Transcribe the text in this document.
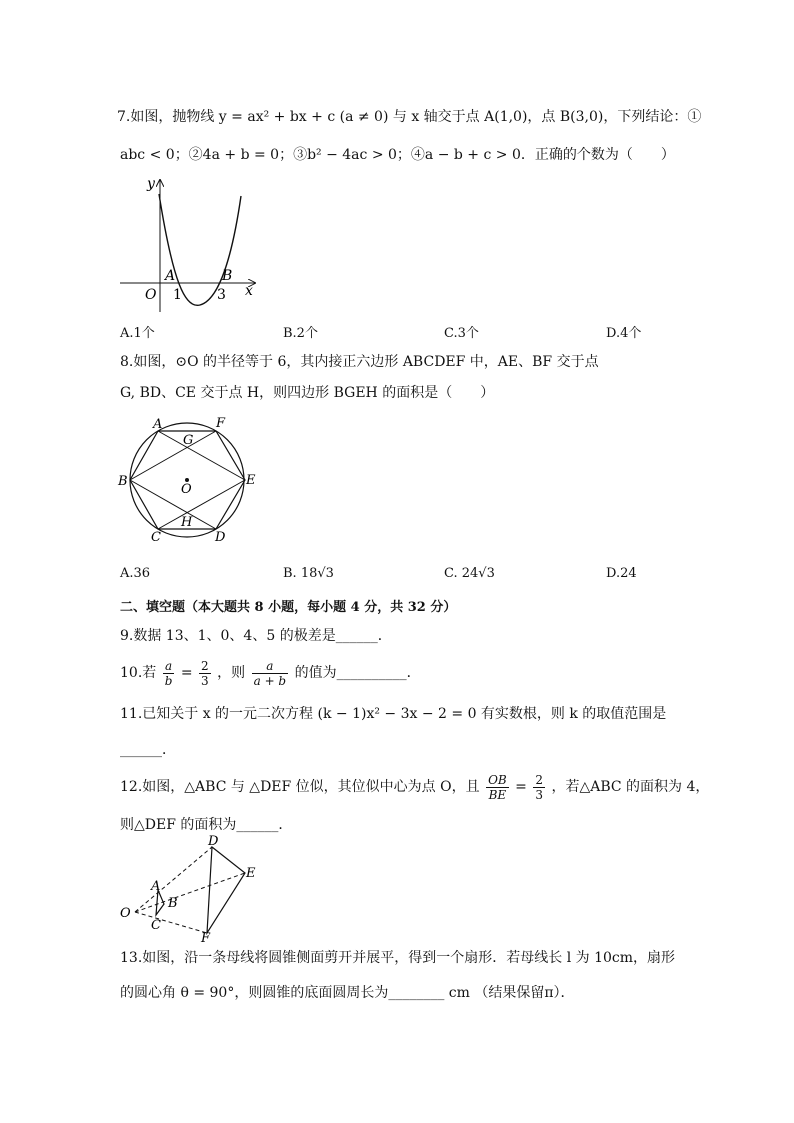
7.如图，抛物线 y = ax² + bx + c (a ≠ 0) 与 x 轴交于点 A(1,0)，点 B(3,0)，下列结论：①
abc < 0；②4a + b = 0；③b² − 4ac > 0；④a − b + c > 0．正确的个数为（　　）
y
x
O
A	B
1	3
A.1个	B.2个	C.3个	D.4个
8.如图，⊙O 的半径等于 6，其内接正六边形 ABCDEF 中，AE、BF 交于点
G, BD、CE 交于点 H，则四边形 BGEH 的面积是（　　）
A	F
G
B
O
E
H
C	D
A.36	B. 18√3	C. 24√3	D.24
二、填空题（本大题共 8 小题，每小题 4 分，共 32 分）
9.数据 13、1、0、4、5 的极差是______．
10.若 $\frac{a}{b} = \frac{2}{3}$ ，则 $\frac{a}{a + b}$ 的值为__________．
11.已知关于 x 的一元二次方程 (k − 1)x² − 3x − 2 = 0 有实数根，则 k 的取值范围是
______．
12.如图，△ABC 与 △DEF 位似，其位似中心为点 O，且 $\frac{OB}{BE} = \frac{2}{3}$ ，若△ABC 的面积为 4，
则△DEF 的面积为______．
D
E
A
B
O
C
F
13.如图，沿一条母线将圆锥侧面剪开并展平，得到一个扇形．若母线长 l 为 10cm，扇形
的圆心角 θ = 90°，则圆锥的底面圆周长为________ cm （结果保留π）．
